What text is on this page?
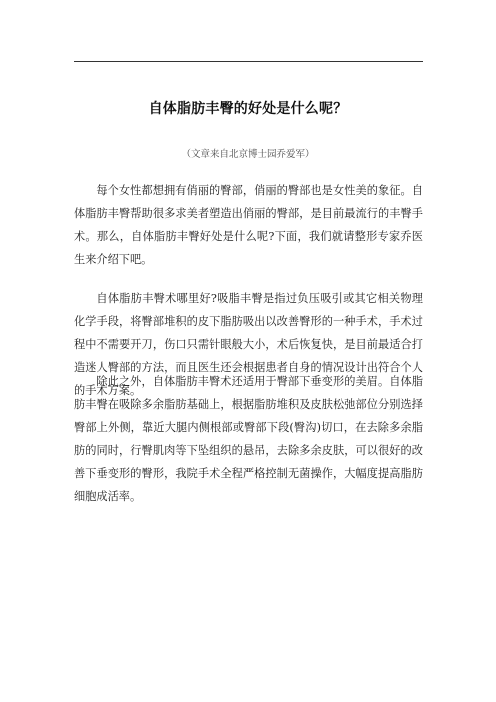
自体脂肪丰臀的好处是什么呢？
（文章来自北京博士园乔爱军）

每个女性都想拥有俏丽的臀部，俏丽的臀部也是女性美的象征。自体脂肪丰臀帮助很多求美者塑造出俏丽的臀部，是目前最流行的丰臀手术。那么，自体脂肪丰臀好处是什么呢?下面，我们就请整形专家乔医生来介绍下吧。

自体脂肪丰臀术哪里好?吸脂丰臀是指过负压吸引或其它相关物理化学手段，将臀部堆积的皮下脂肪吸出以改善臀形的一种手术，手术过程中不需要开刀，伤口只需针眼般大小，术后恢复快，是目前最适合打造迷人臀部的方法，而且医生还会根据患者自身的情况设计出符合个人的手术方案。

除此之外，自体脂肪丰臀术还适用于臀部下垂变形的美眉。自体脂肪丰臀在吸除多余脂肪基础上，根据脂肪堆积及皮肤松弛部位分别选择臀部上外侧，靠近大腿内侧根部或臀部下段(臀沟)切口，在去除多余脂肪的同时，行臀肌肉等下坠组织的悬吊，去除多余皮肤，可以很好的改善下垂变形的臀形，我院手术全程严格控制无菌操作，大幅度提高脂肪细胞成活率。
